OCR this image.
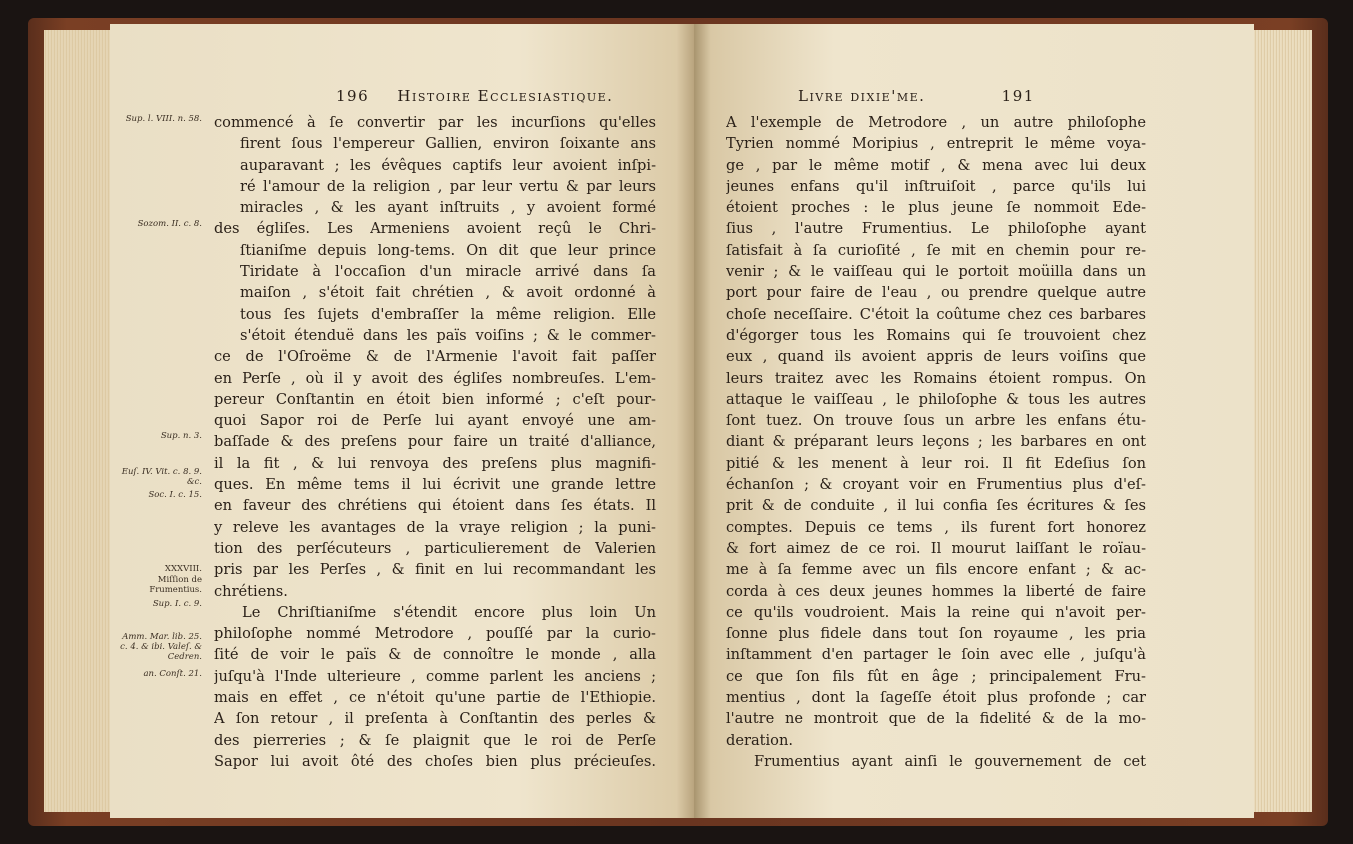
196 Histoire Ecclesiastique.
Sup. l. VIII. n. 58.
Sozom. II. c. 8.
Sup. n. 3.
Euſ. IV. Vit. c. 8. 9. &c.
Soc. I. c. 15.
XXXVIII.
Miſſion de Frumentius.
Sup. I. c. 9.
Amm. Mar. lib. 25. c. 4. & ibi. Valeſ. & Cedren.
an. Conſt. 21.
commencé à ſe convertir par les incurſions qu'elles
firent ſous l'empereur Gallien, environ ſoixante ans
auparavant ; les évêques captifs leur avoient inſpi-
ré l'amour de la religion , par leur vertu & par leurs
miracles , & les ayant inſtruits , y avoient formé
des égliſes. Les Armeniens avoient reçû le Chri-
ſtianiſme depuis long-tems. On dit que leur prince
Tiridate à l'occaſion d'un miracle arrivé dans ſa
maiſon , s'étoit fait chrétien , & avoit ordonné à
tous ſes ſujets d'embraſſer la même religion. Elle
s'étoit étenduë dans les païs voiſins ; & le commer-
ce de l'Oſroëme & de l'Armenie l'avoit fait paſſer
en Perſe , où il y avoit des égliſes nombreuſes. L'em-
pereur Conſtantin en étoit bien informé ; c'eſt pour-
quoi Sapor roi de Perſe lui ayant envoyé une am-
baſſade & des preſens pour faire un traité d'alliance,
il la fit , & lui renvoya des preſens plus magnifi-
ques. En même tems il lui écrivit une grande lettre
en faveur des chrétiens qui étoient dans ſes états. Il
y releve les avantages de la vraye religion ; la puni-
tion des perſécuteurs , particulierement de Valerien
pris par les Perſes , & finit en lui recommandant les
chrétiens.
Le Chriſtianiſme s'étendit encore plus loin Un
philoſophe nommé Metrodore , pouſſé par la curio-
ſité de voir le païs & de connoître le monde , alla
juſqu'à l'Inde ulterieure , comme parlent les anciens ;
mais en effet , ce n'étoit qu'une partie de l'Ethiopie.
A ſon retour , il preſenta à Conſtantin des perles &
des pierreries ; & ſe plaignit que le roi de Perſe
Sapor lui avoit ôté des choſes bien plus précieuſes.
Livre dixie'me.	191
A l'exemple de Metrodore , un autre philoſophe
Tyrien nommé Moripius , entreprit le même voya-
ge , par le même motif , & mena avec lui deux
jeunes enfans qu'il inſtruiſoit , parce qu'ils lui
étoient proches : le plus jeune ſe nommoit Ede-
ſius , l'autre Frumentius. Le philoſophe ayant
ſatisfait à ſa curioſité , ſe mit en chemin pour re-
venir ; & le vaiſſeau qui le portoit moüilla dans un
port pour faire de l'eau , ou prendre quelque autre
choſe neceſſaire. C'étoit la coûtume chez ces barbares
d'égorger tous les Romains qui ſe trouvoient chez
eux , quand ils avoient appris de leurs voiſins que
leurs traitez avec les Romains étoient rompus. On
attaque le vaiſſeau , le philoſophe & tous les autres
ſont tuez. On trouve ſous un arbre les enfans étu-
diant & préparant leurs leçons ; les barbares en ont
pitié & les menent à leur roi. Il fit Edeſius ſon
échanſon ; & croyant voir en Frumentius plus d'eſ-
prit & de conduite , il lui confia ſes écritures & ſes
comptes. Depuis ce tems , ils furent fort honorez
& fort aimez de ce roi. Il mourut laiſſant le roïau-
me à ſa femme avec un fils encore enfant ; & ac-
corda à ces deux jeunes hommes la liberté de faire
ce qu'ils voudroient. Mais la reine qui n'avoit per-
ſonne plus fidele dans tout ſon royaume , les pria
inſtamment d'en partager le ſoin avec elle , juſqu'à
ce que ſon fils fût en âge ; principalement Fru-
mentius , dont la ſageſſe étoit plus profonde ; car
l'autre ne montroit que de la fidelité & de la mo-
deration.
Frumentius ayant ainſi le gouvernement de cet
